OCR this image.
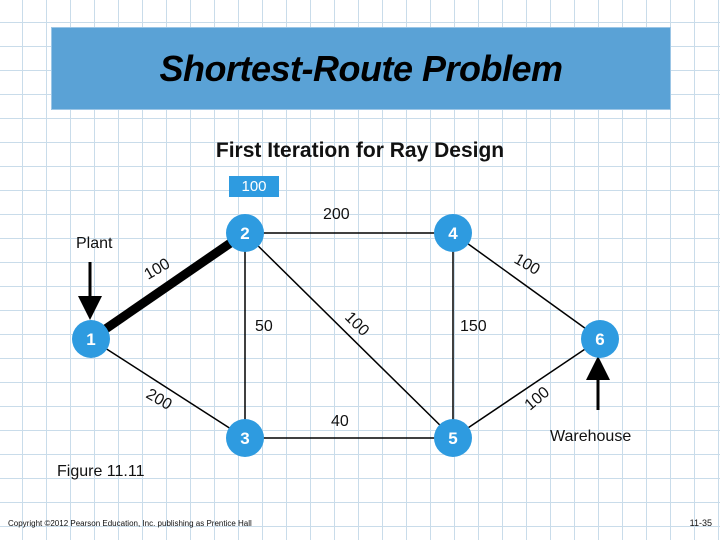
Shortest-Route Problem
First Iteration for Ray Design
100
200
100	100
50	100	150
200
40
100
1
2
3
4
5
6
Plant
Warehouse
Figure 11.11
Copyright ©2012 Pearson Education, Inc. publishing as Prentice Hall	11-35
